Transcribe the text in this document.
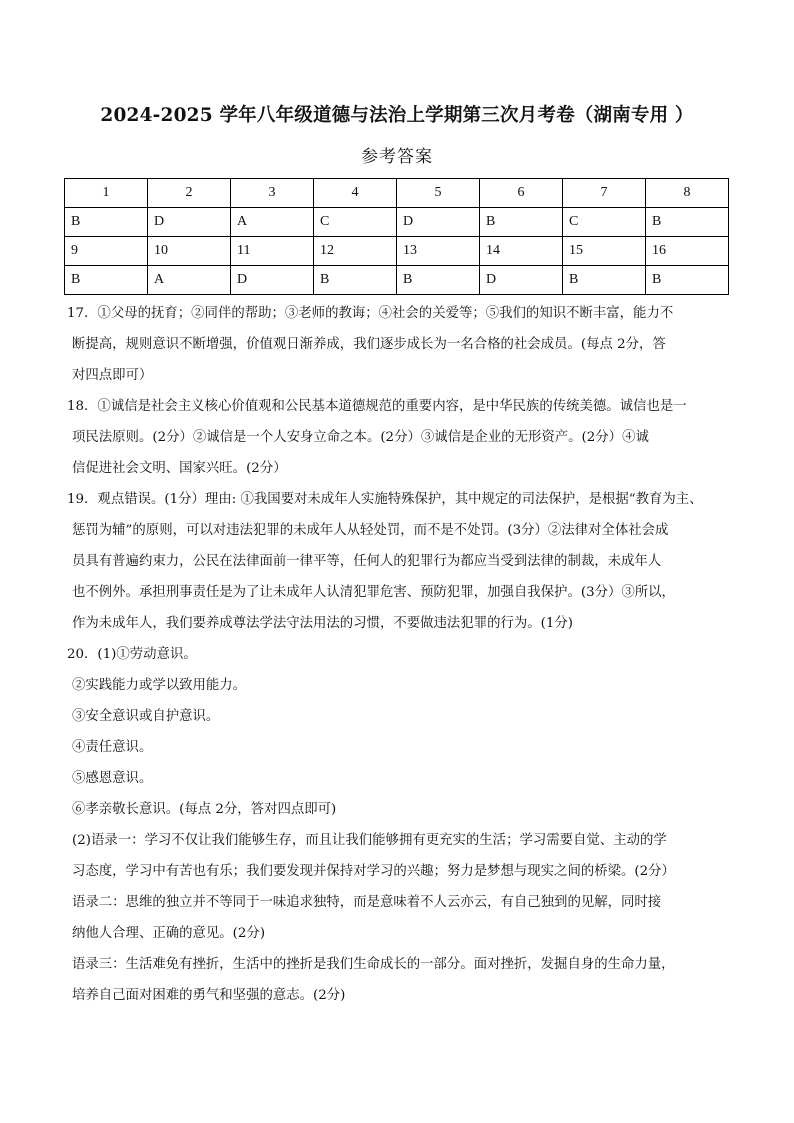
2024-2025 学年八年级道德与法治上学期第三次月考卷（湖南专用 ）
参考答案
1	2	3	4	5	6	7	8
B	D	A	C	D	B	C	B
9	10	11	12	13	14	15	16
B	A	D	B	B	D	B	B

17．①父母的抚育；②同伴的帮助；③老师的教诲；④社会的关爱等；⑤我们的知识不断丰富，能力不

断提高，规则意识不断增强，价值观日渐养成，我们逐步成长为一名合格的社会成员。(每点 2分，答

对四点即可）

18．①诚信是社会主义核心价值观和公民基本道德规范的重要内容，是中华民族的传统美德。诚信也是一

项民法原则。(2分）②诚信是一个人安身立命之本。(2分）③诚信是企业的无形资产。(2分）④诚

信促进社会文明、国家兴旺。(2分）

19．观点错误。(1分）理由: ①我国要对未成年人实施特殊保护，其中规定的司法保护，是根据“教育为主、

惩罚为辅”的原则，可以对违法犯罪的未成年人从轻处罚，而不是不处罚。(3分）②法律对全体社会成

员具有普遍约束力，公民在法律面前一律平等，任何人的犯罪行为都应当受到法律的制裁，未成年人

也不例外。承担刑事责任是为了让未成年人认清犯罪危害、预防犯罪，加强自我保护。(3分）③所以，

作为未成年人，我们要养成尊法学法守法用法的习惯，不要做违法犯罪的行为。(1分)

20．(1)①劳动意识。

②实践能力或学以致用能力。

③安全意识或自护意识。

④责任意识。

⑤感恩意识。

⑥孝亲敬长意识。(每点 2分，答对四点即可)

(2)语录一：学习不仅让我们能够生存，而且让我们能够拥有更充实的生活；学习需要自觉、主动的学

习态度，学习中有苦也有乐；我们要发现并保持对学习的兴趣；努力是梦想与现实之间的桥梁。(2分）

语录二：思维的独立并不等同于一味追求独特，而是意味着不人云亦云，有自己独到的见解，同时接

纳他人合理、正确的意见。(2分)

语录三：生活难免有挫折，生活中的挫折是我们生命成长的一部分。面对挫折，发掘自身的生命力量，

培养自己面对困难的勇气和坚强的意志。(2分)
